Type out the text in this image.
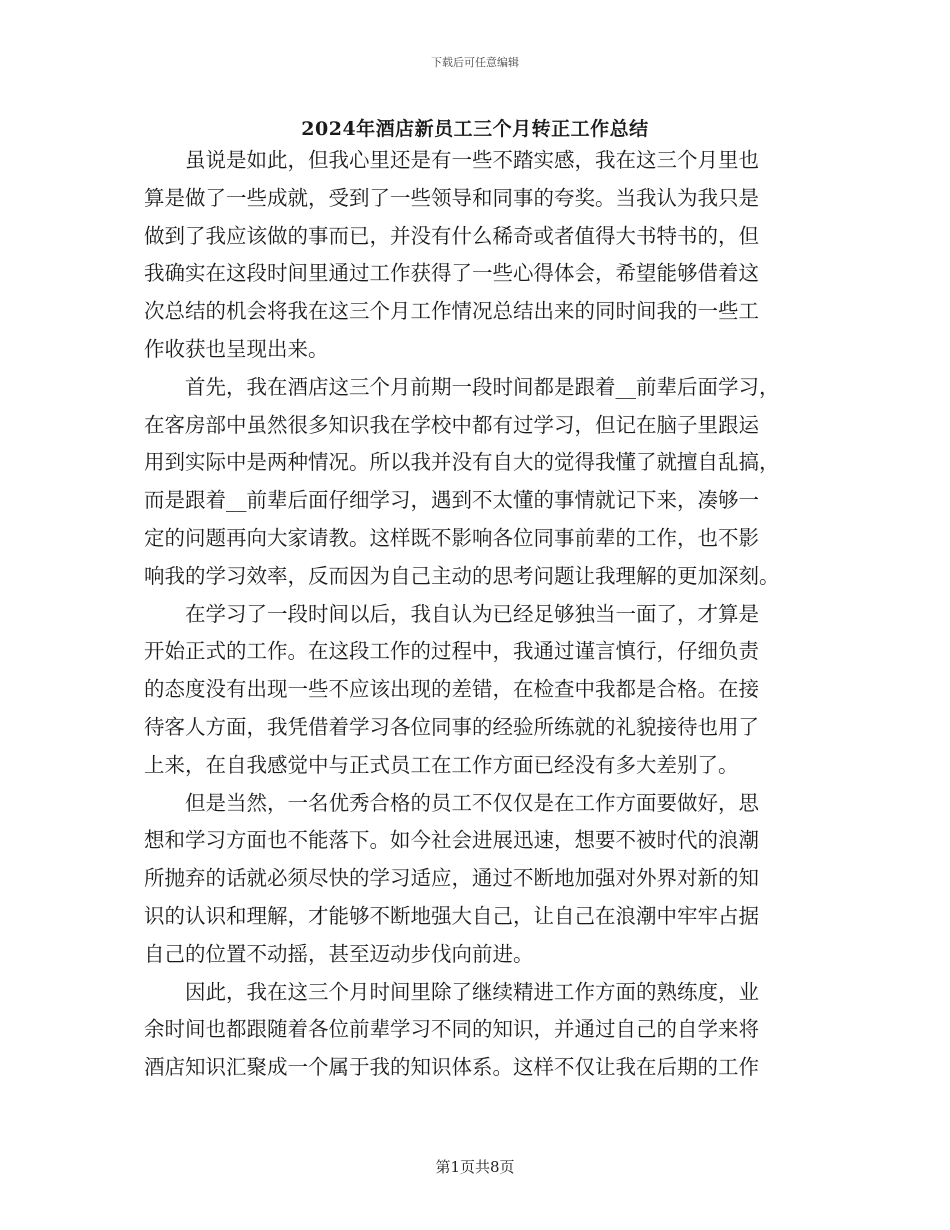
下载后可任意编辑
2024年酒店新员工三个月转正工作总结
虽说是如此，但我心里还是有一些不踏实感，我在这三个月里也
算是做了一些成就，受到了一些领导和同事的夸奖。当我认为我只是
做到了我应该做的事而已，并没有什么稀奇或者值得大书特书的，但
我确实在这段时间里通过工作获得了一些心得体会，希望能够借着这
次总结的机会将我在这三个月工作情况总结出来的同时间我的一些工
作收获也呈现出来。
首先，我在酒店这三个月前期一段时间都是跟着__前辈后面学习，
在客房部中虽然很多知识我在学校中都有过学习，但记在脑子里跟运
用到实际中是两种情况。所以我并没有自大的觉得我懂了就擅自乱搞，
而是跟着__前辈后面仔细学习，遇到不太懂的事情就记下来，凑够一
定的问题再向大家请教。这样既不影响各位同事前辈的工作，也不影
响我的学习效率，反而因为自己主动的思考问题让我理解的更加深刻。
在学习了一段时间以后，我自认为已经足够独当一面了，才算是
开始正式的工作。在这段工作的过程中，我通过谨言慎行，仔细负责
的态度没有出现一些不应该出现的差错，在检查中我都是合格。在接
待客人方面，我凭借着学习各位同事的经验所练就的礼貌接待也用了
上来，在自我感觉中与正式员工在工作方面已经没有多大差别了。
但是当然，一名优秀合格的员工不仅仅是在工作方面要做好，思
想和学习方面也不能落下。如今社会进展迅速，想要不被时代的浪潮
所抛弃的话就必须尽快的学习适应，通过不断地加强对外界对新的知
识的认识和理解，才能够不断地强大自己，让自己在浪潮中牢牢占据
自己的位置不动摇，甚至迈动步伐向前进。
因此，我在这三个月时间里除了继续精进工作方面的熟练度，业
余时间也都跟随着各位前辈学习不同的知识，并通过自己的自学来将
酒店知识汇聚成一个属于我的知识体系。这样不仅让我在后期的工作
第1页共8页
